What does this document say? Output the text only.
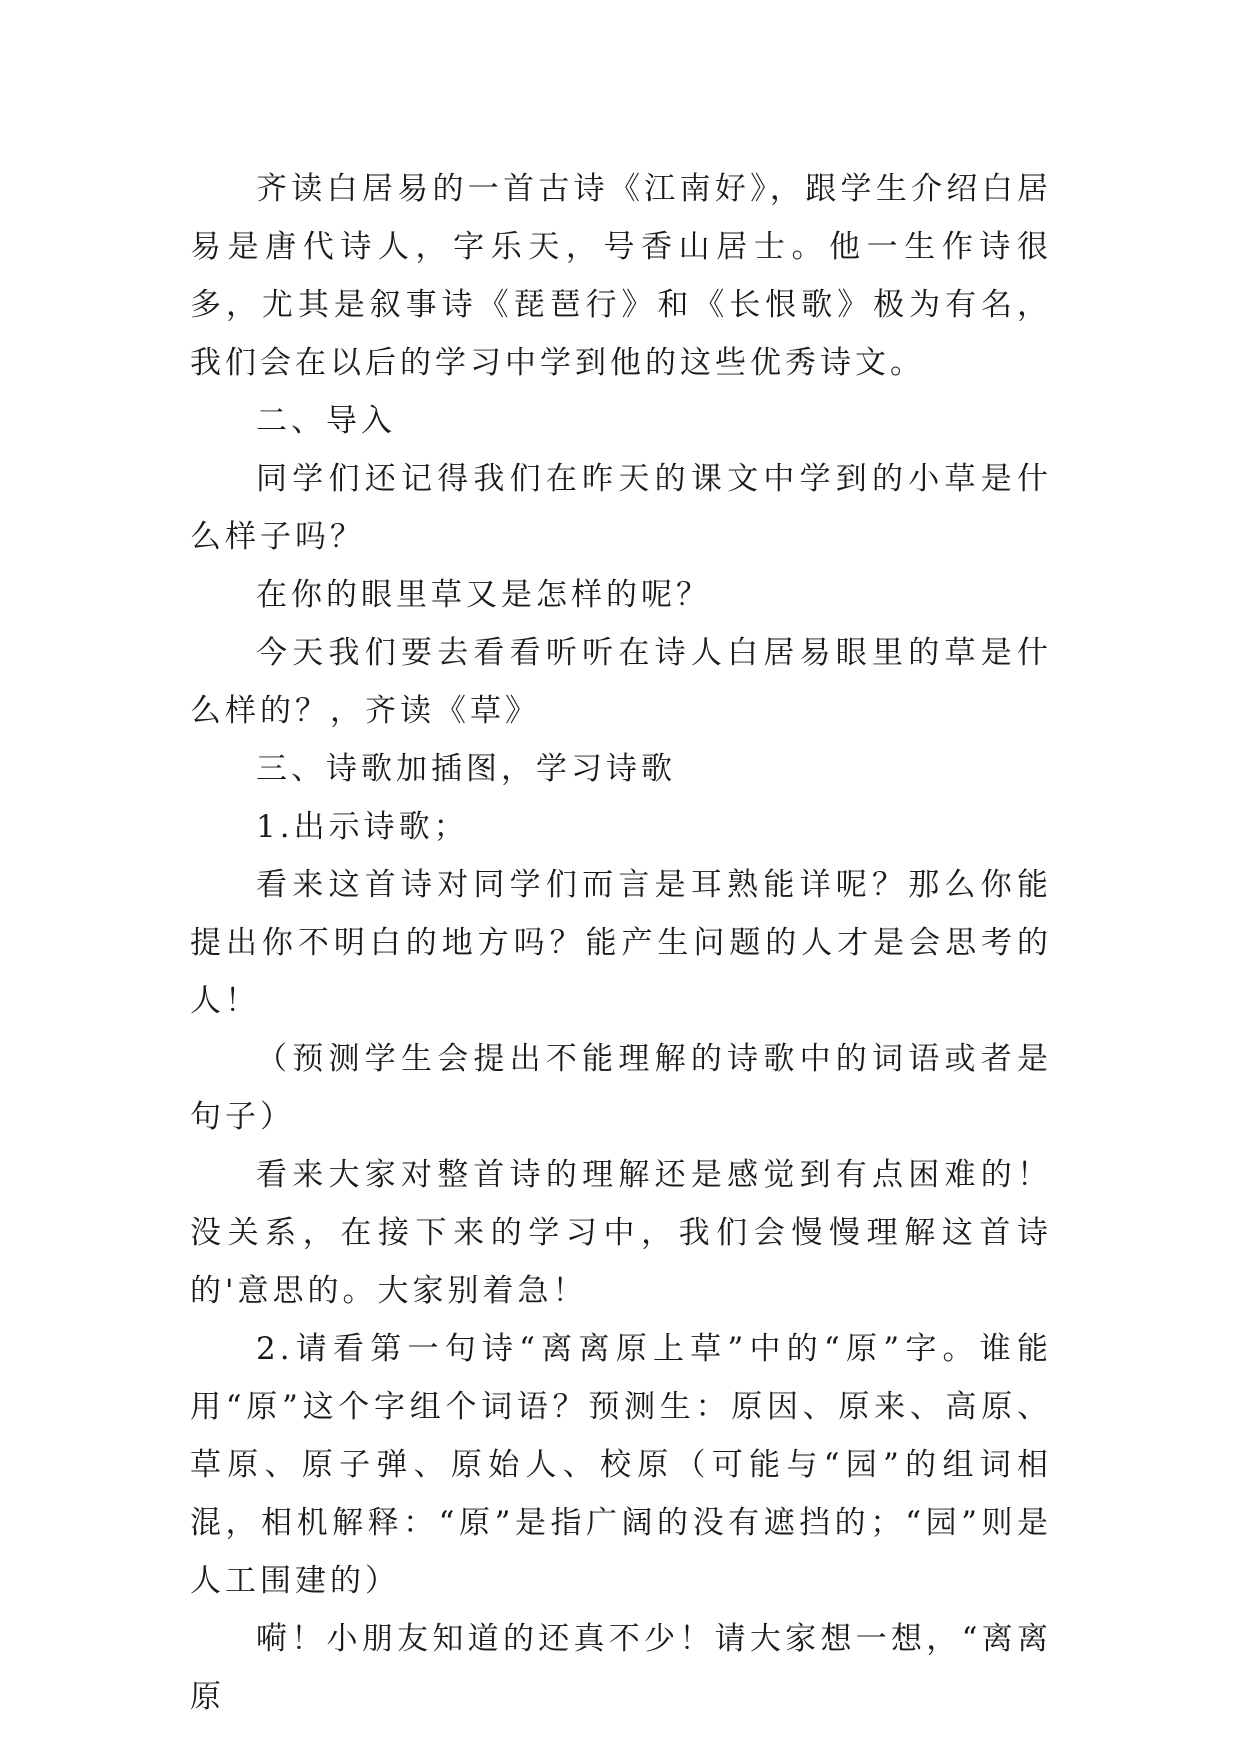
齐读白居易的一首古诗《江南好》，跟学生介绍白居易是唐代诗人，字乐天，号香山居士。他一生作诗很多，尤其是叙事诗《琵琶行》和《长恨歌》极为有名，我们会在以后的学习中学到他的这些优秀诗文。

二、导入

同学们还记得我们在昨天的课文中学到的小草是什么样子吗？

在你的眼里草又是怎样的呢？

今天我们要去看看听听在诗人白居易眼里的草是什么样的？，齐读《草》

三、诗歌加插图，学习诗歌

1.出示诗歌；

看来这首诗对同学们而言是耳熟能详呢？那么你能提出你不明白的地方吗？能产生问题的人才是会思考的人！

（预测学生会提出不能理解的诗歌中的词语或者是句子）

看来大家对整首诗的理解还是感觉到有点困难的！没关系，在接下来的学习中，我们会慢慢理解这首诗的'意思的。大家别着急！

2.请看第一句诗“离离原上草”中的“原”字。谁能用“原”这个字组个词语？预测生：原因、原来、高原、草原、原子弹、原始人、校原（可能与“园”的组词相混，相机解释：“原”是指广阔的没有遮挡的；“园”则是人工围建的）

嗬！小朋友知道的还真不少！请大家想一想，“离离原
